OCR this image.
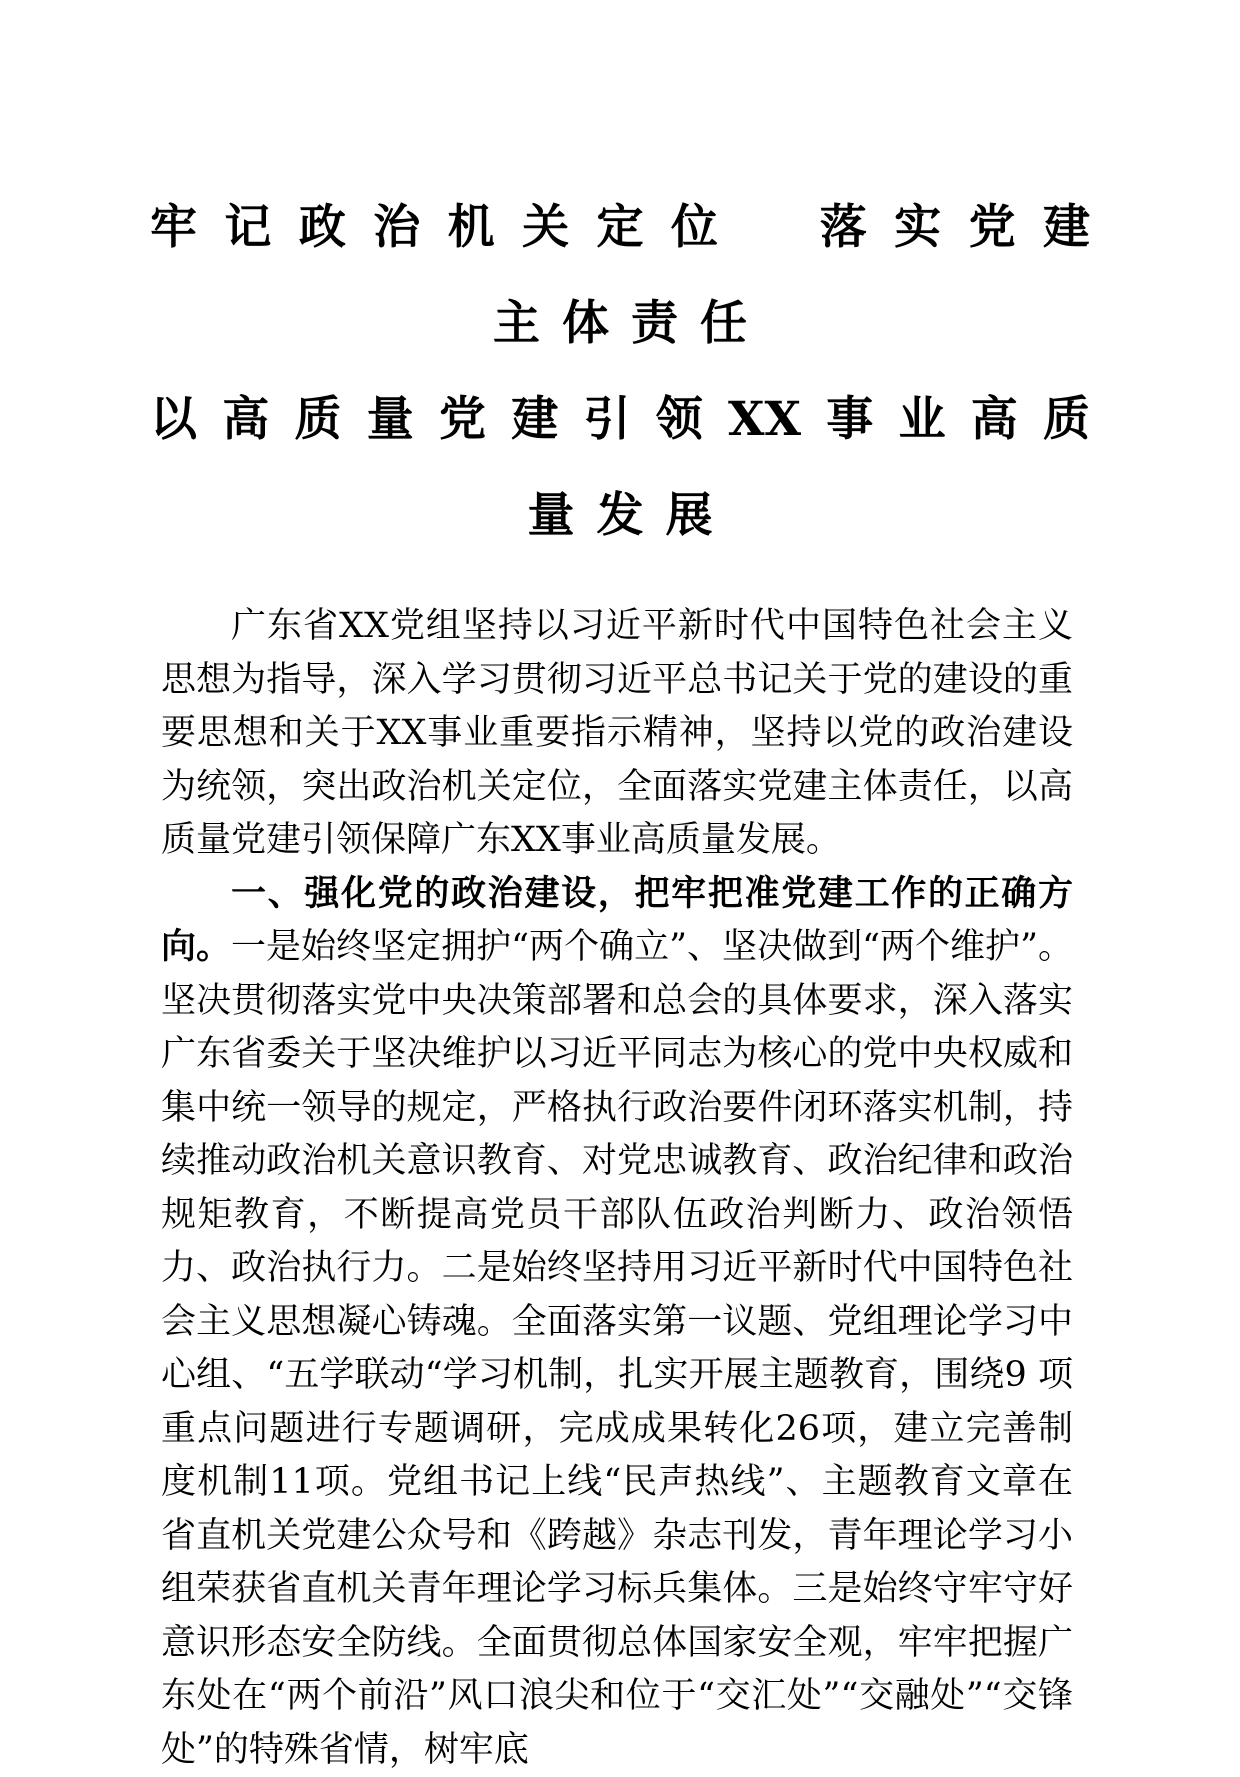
牢记政治机关定位　落实党建
主体责任
以高质量党建引领XX事业高质
量发展

广东省XX党组坚持以习近平新时代中国特色社会主义思想为指导，深入学习贯彻习近平总书记关于党的建设的重要思想和关于XX事业重要指示精神，坚持以党的政治建设为统领，突出政治机关定位，全面落实党建主体责任，以高质量党建引领保障广东XX事业高质量发展。

一、强化党的政治建设，把牢把准党建工作的正确方向。一是始终坚定拥护“两个确立”、坚决做到“两个维护”。坚决贯彻落实党中央决策部署和总会的具体要求，深入落实广东省委关于坚决维护以习近平同志为核心的党中央权威和集中统一领导的规定，严格执行政治要件闭环落实机制，持续推动政治机关意识教育、对党忠诚教育、政治纪律和政治规矩教育，不断提高党员干部队伍政治判断力、政治领悟力、政治执行力。二是始终坚持用习近平新时代中国特色社会主义思想凝心铸魂。全面落实第一议题、党组理论学习中心组、“五学联动“学习机制，扎实开展主题教育，围绕9 项重点问题进行专题调研，完成成果转化26项，建立完善制度机制11项。党组书记上线“民声热线”、主题教育文章在省直机关党建公众号和《跨越》杂志刊发，青年理论学习小组荣获省直机关青年理论学习标兵集体。三是始终守牢守好意识形态安全防线。全面贯彻总体国家安全观，牢牢把握广东处在“两个前沿”风口浪尖和位于“交汇处”“交融处”“交锋处”的特殊省情，树牢底
